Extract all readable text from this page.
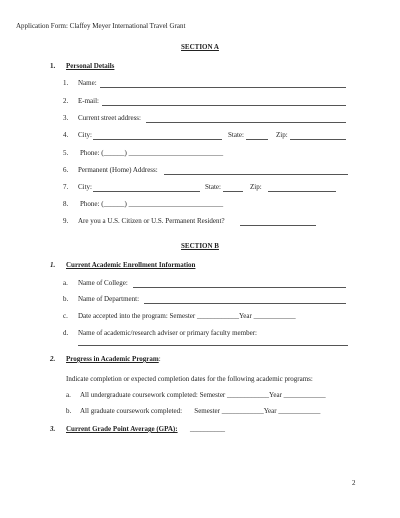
Application Form: Claffey Meyer International Travel Grant
SECTION A
1. Personal Details
1. Name:
2. E-mail:
3. Current street address:
4. City:	State:	Zip:
5. Phone: (______) ___________________________
6. Permanent (Home) Address:
7. City:	State:	Zip:
8. Phone: (______) ___________________________
9. Are you a U.S. Citizen or U.S. Permanent Resident?
SECTION B
1. Current Academic Enrollment Information
a. Name of College:
b. Name of Department:
c. Date accepted into the program: Semester ____________Year ____________
d. Name of academic/research adviser or primary faculty member:
2. Progress in Academic Program:
Indicate completion or expected completion dates for the following academic programs:
a. All undergraduate coursework completed: Semester ____________Year ____________
b. All graduate coursework completed:       Semester ____________Year ____________
3. Current Grade Point Average (GPA): __________
2
